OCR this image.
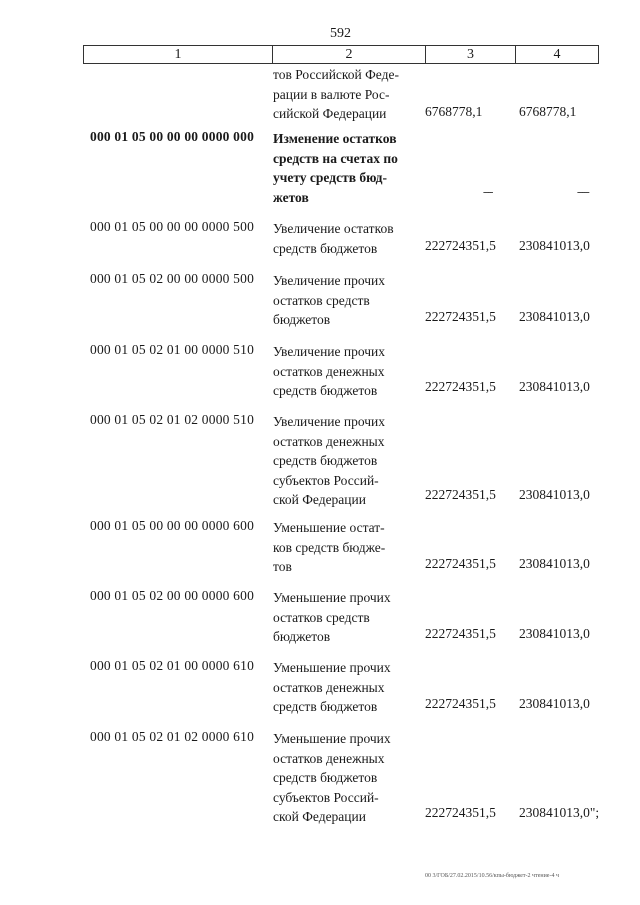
592
1	2	3	4
тов Российской Феде-
рации в валюте Рос-
сийской Федерации	6768778,1	6768778,1
000 01 05 00 00 00 0000 000 Изменение остатков
средств на счетах по
учету средств бюд-
жетов	----	-----
000 01 05 00 00 00 0000 500 Увеличение остатков
средств бюджетов	222724351,5 230841013,0
000 01 05 02 00 00 0000 500 Увеличение прочих
остатков средств
бюджетов	222724351,5 230841013,0
000 01 05 02 01 00 0000 510 Увеличение прочих
остатков денежных
средств бюджетов	222724351,5 230841013,0
000 01 05 02 01 02 0000 510 Увеличение прочих
остатков денежных
средств бюджетов
субъектов Россий-
ской Федерации	222724351,5 230841013,0
000 01 05 00 00 00 0000 600 Уменьшение остат-
ков средств бюдже-
тов	222724351,5 230841013,0
000 01 05 02 00 00 0000 600 Уменьшение прочих
остатков средств
бюджетов	222724351,5 230841013,0
000 01 05 02 01 00 0000 610 Уменьшение прочих
остатков денежных
средств бюджетов	222724351,5 230841013,0
000 01 05 02 01 02 0000 610 Уменьшение прочих
остатков денежных
средств бюджетов
субъектов Россий-
ской Федерации	222724351,5 230841013,0";
00 3/ГОБ/27.02.2015/10.56/кпы-бюджет-2 чтение-4 ч
